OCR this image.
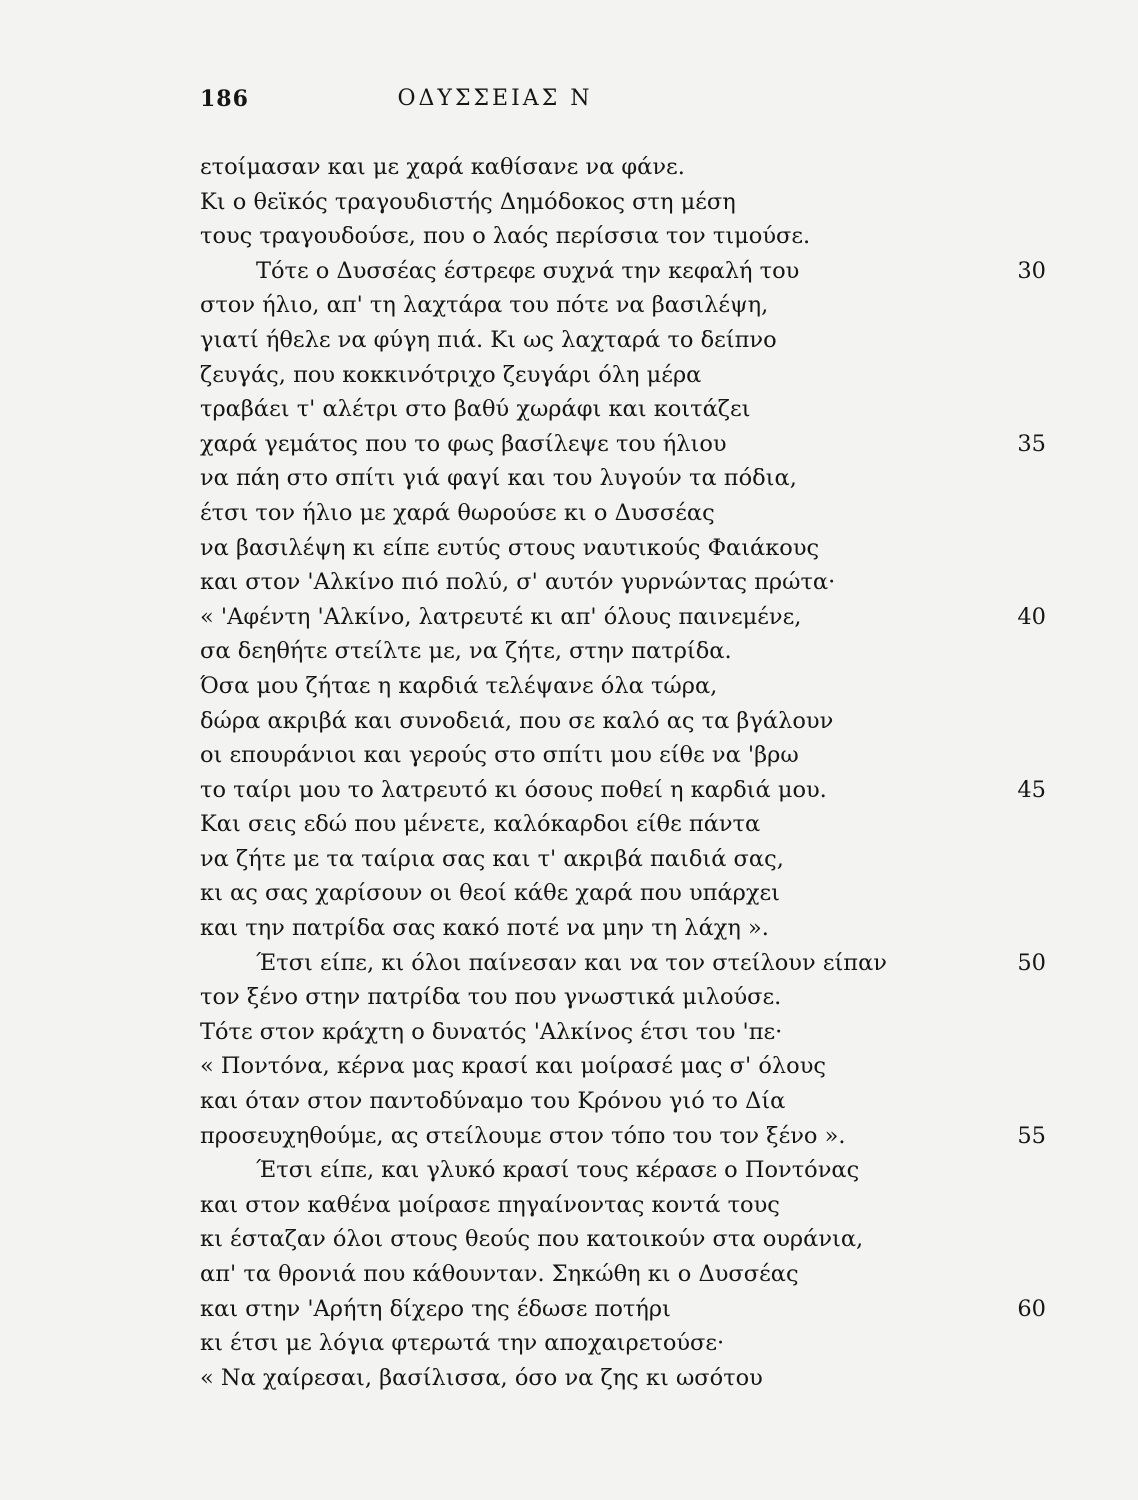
186	ΟΔΥΣΣΕΙΑΣ Ν
ετοίμασαν και με χαρά καθίσανε να φάνε.
Κι ο θεϊκός τραγουδιστής Δημόδοκος στη μέση
τους τραγουδούσε, που ο λαός περίσσια τον τιμούσε.
Τότε ο Δυσσέας έστρεφε συχνά την κεφαλή του	30
στον ήλιο, απ' τη λαχτάρα του πότε να βασιλέψη,
γιατί ήθελε να φύγη πιά. Κι ως λαχταρά το δείπνο
ζευγάς, που κοκκινότριχο ζευγάρι όλη μέρα
τραβάει τ' αλέτρι στο βαθύ χωράφι και κοιτάζει
χαρά γεμάτος που το φως βασίλεψε του ήλιου	35
να πάη στο σπίτι γιά φαγί και του λυγούν τα πόδια,
έτσι τον ήλιο με χαρά θωρούσε κι ο Δυσσέας
να βασιλέψη κι είπε ευτύς στους ναυτικούς Φαιάκους
και στον 'Αλκίνο πιό πολύ, σ' αυτόν γυρνώντας πρώτα·
« 'Αφέντη 'Αλκίνο, λατρευτέ κι απ' όλους παινεμένε,	40
σα δεηθήτε στείλτε με, να ζήτε, στην πατρίδα.
Όσα μου ζήταε η καρδιά τελέψανε όλα τώρα,
δώρα ακριβά και συνοδειά, που σε καλό ας τα βγάλουν
οι επουράνιοι και γερούς στο σπίτι μου είθε να 'βρω
το ταίρι μου το λατρευτό κι όσους ποθεί η καρδιά μου.	45
Και σεις εδώ που μένετε, καλόκαρδοι είθε πάντα
να ζήτε με τα ταίρια σας και τ' ακριβά παιδιά σας,
κι ας σας χαρίσουν οι θεοί κάθε χαρά που υπάρχει
και την πατρίδα σας κακό ποτέ να μην τη λάχη ».
Έτσι είπε, κι όλοι παίνεσαν και να τον στείλουν είπαν	50
τον ξένο στην πατρίδα του που γνωστικά μιλούσε.
Τότε στον κράχτη ο δυνατός 'Αλκίνος έτσι του 'πε·
« Ποντόνα, κέρνα μας κρασί και μοίρασέ μας σ' όλους
και όταν στον παντοδύναμο του Κρόνου γιό το Δία
προσευχηθούμε, ας στείλουμε στον τόπο του τον ξένο ».	55
Έτσι είπε, και γλυκό κρασί τους κέρασε ο Ποντόνας
και στον καθένα μοίρασε πηγαίνοντας κοντά τους
κι έσταζαν όλοι στους θεούς που κατοικούν στα ουράνια,
απ' τα θρονιά που κάθουνταν. Σηκώθη κι ο Δυσσέας
και στην 'Αρήτη δίχερο της έδωσε ποτήρι	60
κι έτσι με λόγια φτερωτά την αποχαιρετούσε·
« Να χαίρεσαι, βασίλισσα, όσο να ζης κι ωσότου
